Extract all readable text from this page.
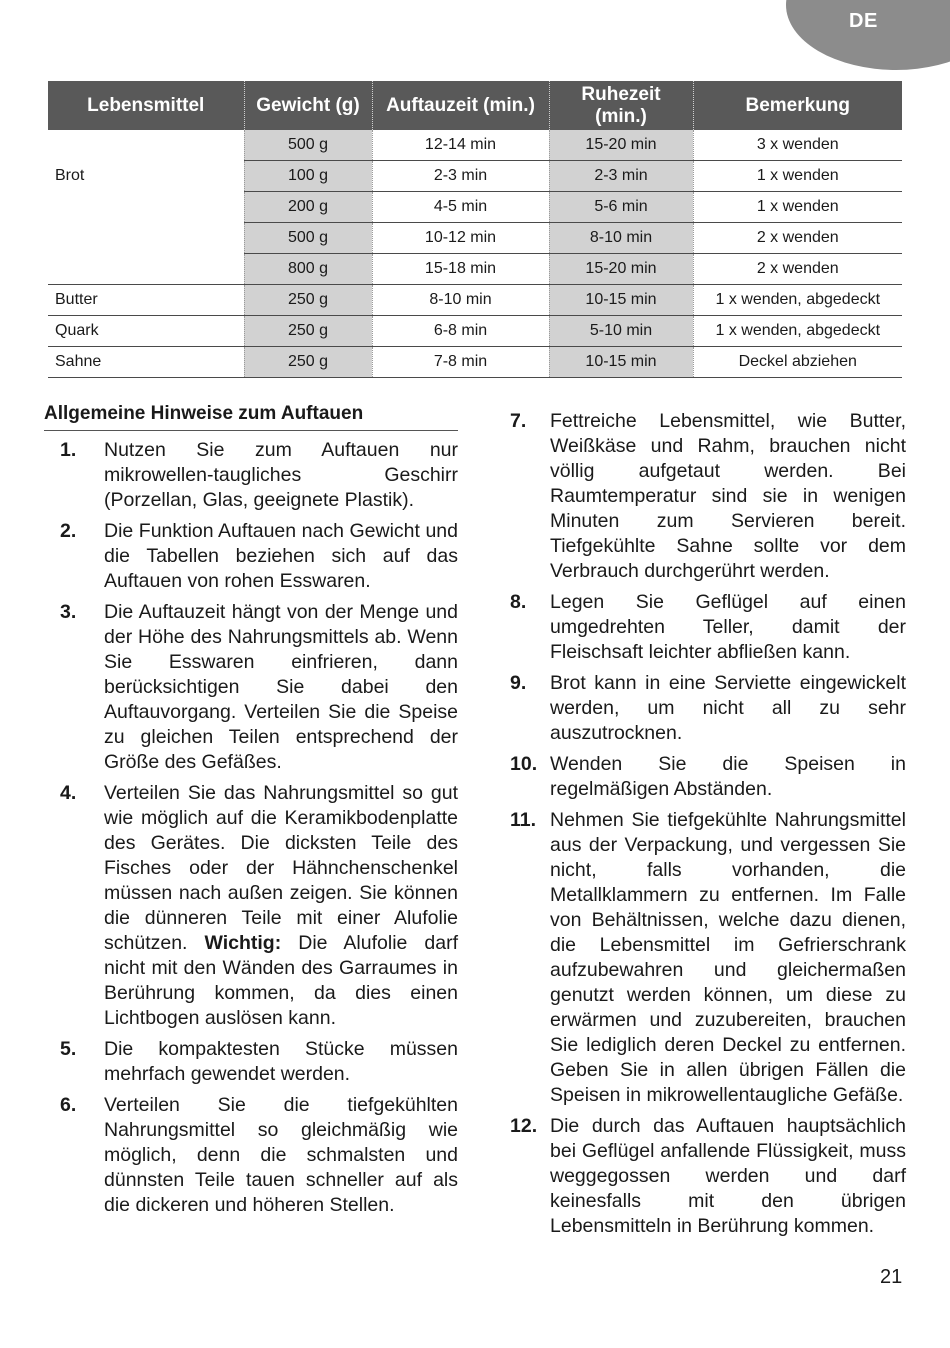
DE
Lebensmittel	Gewicht (g)	Auftauzeit (min.)	Ruhezeit (min.)	Bemerkung
	500 g	12-14 min	15-20 min	3 x wenden
Brot	100 g	2-3 min	2-3 min	1 x wenden
	200 g	4-5 min	5-6 min	1 x wenden
	500 g	10-12 min	8-10 min	2 x wenden
	800 g	15-18 min	15-20 min	2 x wenden
Butter	250 g	8-10 min	10-15 min	1 x wenden, abgedeckt
Quark	250 g	6-8 min	5-10 min	1 x wenden, abgedeckt
Sahne	250 g	7-8 min	10-15 min	Deckel abziehen
Allgemeine Hinweise zum Auftauen
1. Nutzen Sie zum Auftauen nur mikrowellen-taugliches Geschirr (Porzellan, Glas, geeignete Plastik).
2. Die Funktion Auftauen nach Gewicht und die Tabellen beziehen sich auf das Auftauen von rohen Esswaren.
3. Die Auftauzeit hängt von der Menge und der Höhe des Nahrungsmittels ab. Wenn Sie Esswaren einfrieren, dann berücksichtigen Sie dabei den Auftauvorgang. Verteilen Sie die Speise zu gleichen Teilen entsprechend der Größe des Gefäßes.
4. Verteilen Sie das Nahrungsmittel so gut wie möglich auf die Keramikbodenplatte des Gerätes. Die dicksten Teile des Fisches oder der Hähnchenschenkel müssen nach außen zeigen. Sie können die dünneren Teile mit einer Alufolie schützen. Wichtig: Die Alufolie darf nicht mit den Wänden des Garraumes in Berührung kommen, da dies einen Lichtbogen auslösen kann.
5. Die kompaktesten Stücke müssen mehrfach gewendet werden.
6. Verteilen Sie die tiefgekühlten Nahrungsmittel so gleichmäßig wie möglich, denn die schmalsten und dünnsten Teile tauen schneller auf als die dickeren und höheren Stellen.
7. Fettreiche Lebensmittel, wie Butter, Weißkäse und Rahm, brauchen nicht völlig aufgetaut werden. Bei Raumtemperatur sind sie in wenigen Minuten zum Servieren bereit. Tiefgekühlte Sahne sollte vor dem Verbrauch durchgerührt werden.
8. Legen Sie Geflügel auf einen umgedrehten Teller, damit der Fleischsaft leichter abfließen kann.
9. Brot kann in eine Serviette eingewickelt werden, um nicht all zu sehr auszutrocknen.
10. Wenden Sie die Speisen in regelmäßigen Abständen.
11. Nehmen Sie tiefgekühlte Nahrungsmittel aus der Verpackung, und vergessen Sie nicht, falls vorhanden, die Metallklammern zu entfernen. Im Falle von Behältnissen, welche dazu dienen, die Lebensmittel im Gefrierschrank aufzubewahren und gleichermaßen genutzt werden können, um diese zu erwärmen und zuzubereiten, brauchen Sie lediglich deren Deckel zu entfernen. Geben Sie in allen übrigen Fällen die Speisen in mikrowellentaugliche Gefäße.
12. Die durch das Auftauen hauptsächlich bei Geflügel anfallende Flüssigkeit, muss weggegossen werden und darf keinesfalls mit den übrigen Lebensmitteln in Berührung kommen.
21
